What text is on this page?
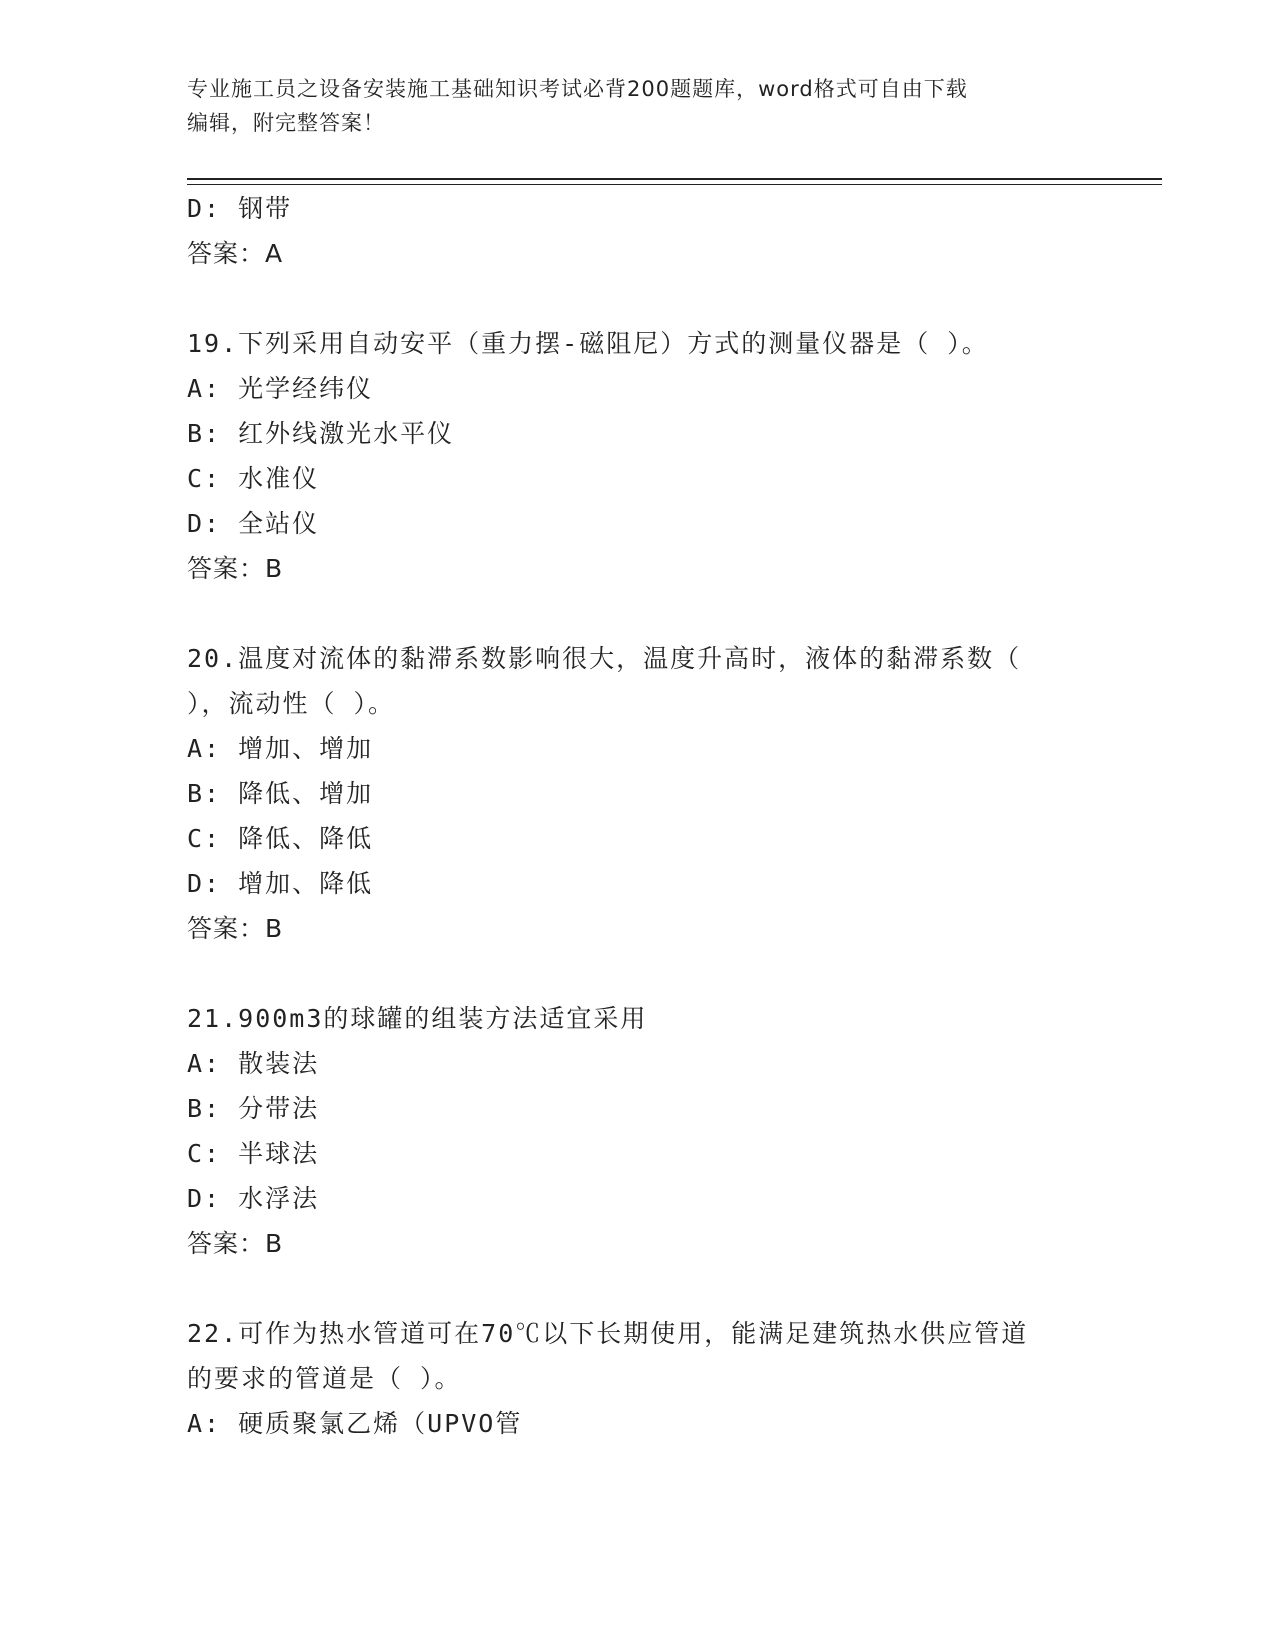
专业施工员之设备安装施工基础知识考试必背200题题库，word格式可自由下载
编辑，附完整答案！
D: 钢带
答案：A
19.下列采用自动安平（重力摆-磁阻尼）方式的测量仪器是（ ）。
A: 光学经纬仪
B: 红外线激光水平仪
C: 水准仪
D: 全站仪
答案：B
20.温度对流体的黏滞系数影响很大，温度升高时，液体的黏滞系数（
），流动性（ ）。
A: 增加、增加
B: 降低、增加
C: 降低、降低
D: 增加、降低
答案：B
21.900m3的球罐的组装方法适宜采用
A: 散装法
B: 分带法
C: 半球法
D: 水浮法
答案：B
22.可作为热水管道可在70℃以下长期使用，能满足建筑热水供应管道
的要求的管道是（ ）。
A: 硬质聚氯乙烯（UPVO管
